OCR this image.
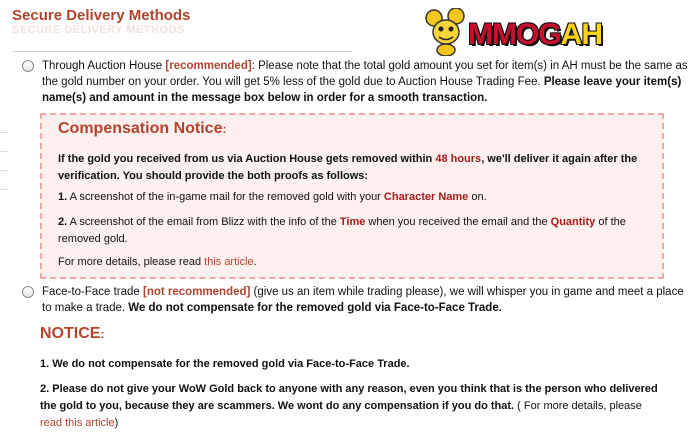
Secure Delivery Methods
SECURE DELIVERY METHODS	MMOGAH
Through Auction House [recommended]: Please note that the total gold amount you set for item(s) in AH must be the same as the gold number on your order. You will get 5% less of the gold due to Auction House Trading Fee. Please leave your item(s) name(s) and amount in the message box below in order for a smooth transaction.
Compensation Notice:

If the gold you received from us via Auction House gets removed within 48 hours, we'll deliver it again after the verification. You should provide the both proofs as follows:

1. A screenshot of the in-game mail for the removed gold with your Character Name on.

2. A screenshot of the email from Blizz with the info of the Time when you received the email and the Quantity of the removed gold.

For more details, please read this article.

Face-to-Face trade [not recommended] (give us an item while trading please), we will whisper you in game and meet a place to make a trade. We do not compensate for the removed gold via Face-to-Face Trade.
NOTICE:

1. We do not compensate for the removed gold via Face-to-Face Trade.

2. Please do not give your WoW Gold back to anyone with any reason, even you think that is the person who delivered the gold to you, because they are scammers. We wont do any compensation if you do that. ( For more details, please read this article)
